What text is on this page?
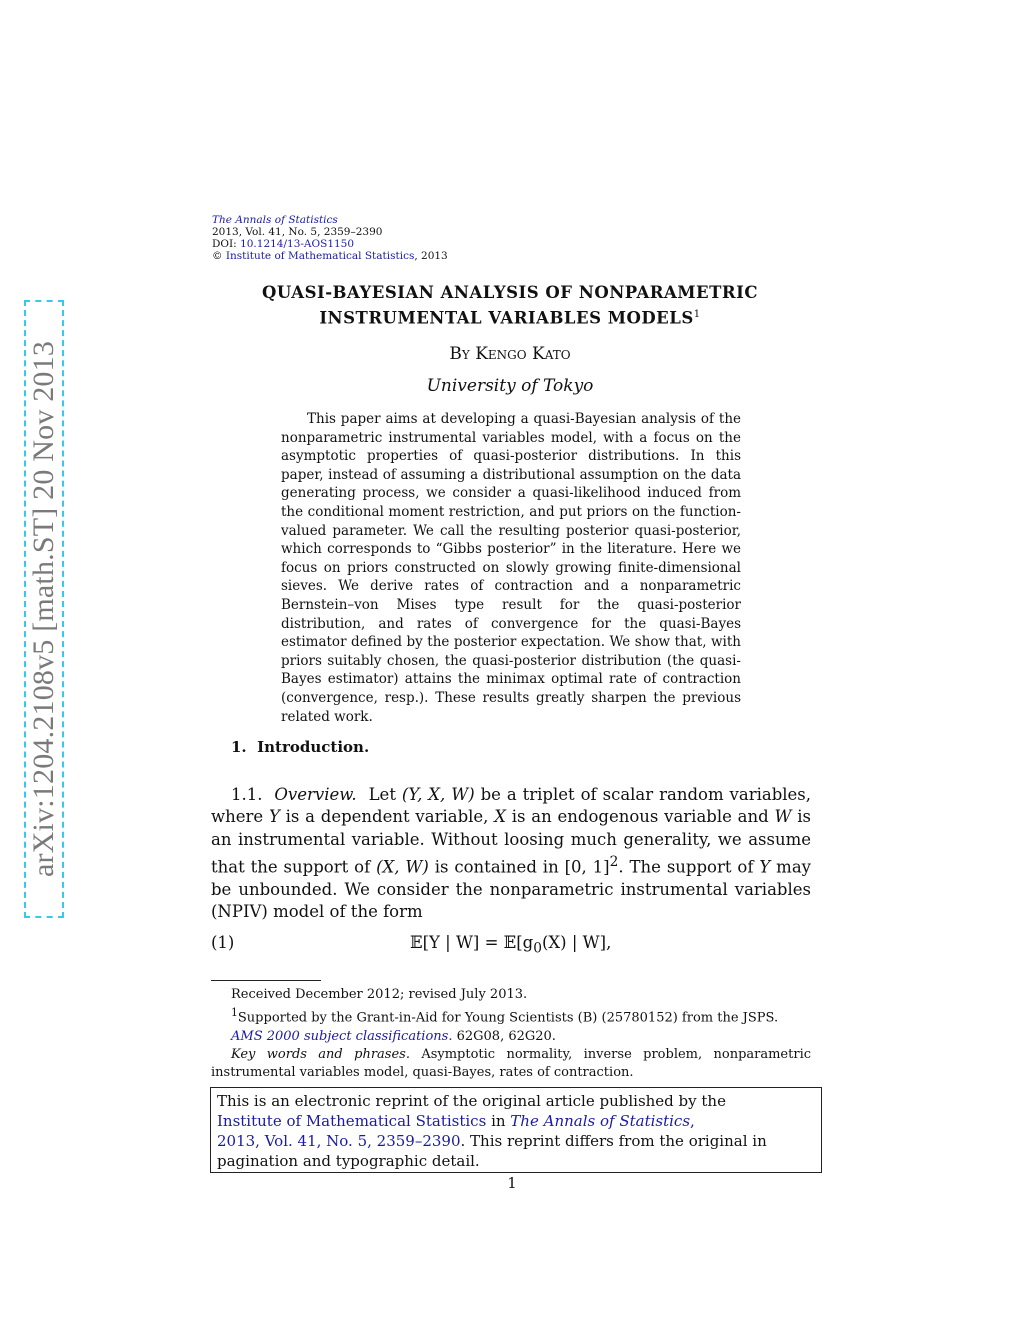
arXiv:1204.2108v5 [math.ST] 20 Nov 2013
The Annals of Statistics
2013, Vol. 41, No. 5, 2359–2390
DOI: 10.1214/13-AOS1150
© Institute of Mathematical Statistics, 2013
QUASI-BAYESIAN ANALYSIS OF NONPARAMETRIC
INSTRUMENTAL VARIABLES MODELS$^1$
By Kengo Kato
University of Tokyo

This paper aims at developing a quasi-Bayesian analysis of the nonparametric instrumental variables model, with a focus on the asymptotic properties of quasi-posterior distributions. In this paper, instead of assuming a distributional assumption on the data generating process, we consider a quasi-likelihood induced from the conditional moment restriction, and put priors on the function-valued parameter. We call the resulting posterior quasi-posterior, which corresponds to “Gibbs posterior” in the literature. Here we focus on priors constructed on slowly growing finite-dimensional sieves. We derive rates of contraction and a nonparametric Bernstein–von Mises type result for the quasi-posterior distribution, and rates of convergence for the quasi-Bayes estimator defined by the posterior expectation. We show that, with priors suitably chosen, the quasi-posterior distribution (the quasi-Bayes estimator) attains the minimax optimal rate of contraction (convergence, resp.). These results greatly sharpen the previous related work.

1. Introduction.

1.1. Overview. Let (Y, X, W) be a triplet of scalar random variables, where Y is a dependent variable, X is an endogenous variable and W is an instrumental variable. Without loosing much generality, we assume that the support of (X, W) is contained in [0, 1]$^2$. The support of Y may be unbounded. We consider the nonparametric instrumental variables (NPIV) model of the form

(1)	𝔼[Y | $W] = 𝔼[g_0(X)$ | W],

Received December 2012; revised July 2013.

$^1$Supported by the Grant-in-Aid for Young Scientists (B) (25780152) from the JSPS.

AMS 2000 subject classifications. 62G08, 62G20.

Key words and phrases. Asymptotic normality, inverse problem, nonparametric instrumental variables model, quasi-Bayes, rates of contraction.

This is an electronic reprint of the original article published by the
Institute of Mathematical Statistics in The Annals of Statistics,
2013, Vol. 41, No. 5, 2359–2390. This reprint differs from the original in
pagination and typographic detail.
1
